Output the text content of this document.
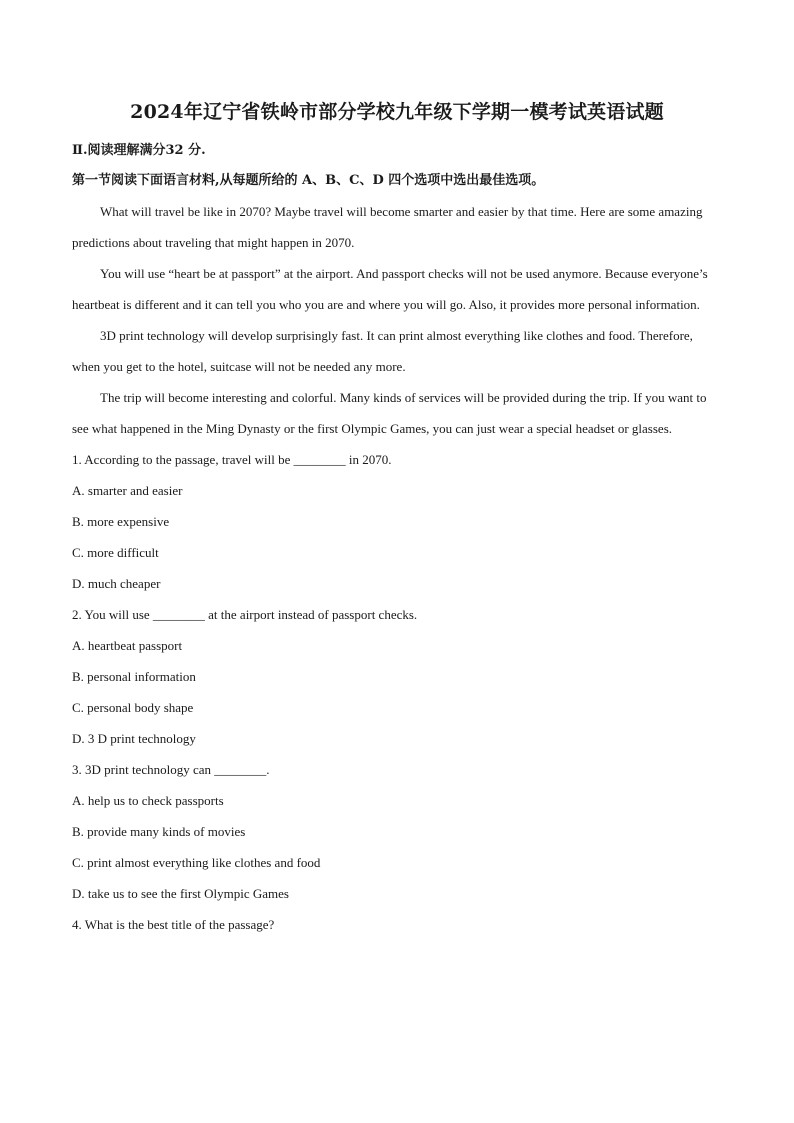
2024年辽宁省铁岭市部分学校九年级下学期一模考试英语试题

Ⅱ.阅读理解满分32 分.

第一节阅读下面语言材料,从每题所给的 A、B、C、D 四个选项中选出最佳选项。

What will travel be like in 2070? Maybe travel will become smarter and easier by that time. Here are some amazing predictions about traveling that might happen in 2070.

You will use “heart be at passport” at the airport. And passport checks will not be used anymore. Because everyone’s heartbeat is different and it can tell you who you are and where you will go. Also, it provides more personal information.

3D print technology will develop surprisingly fast. It can print almost everything like clothes and food. Therefore, when you get to the hotel, suitcase will not be needed any more.

The trip will become interesting and colorful. Many kinds of services will be provided during the trip. If you want to see what happened in the Ming Dynasty or the first Olympic Games, you can just wear a special headset or glasses.

1. According to the passage, travel will be ________ in 2070.

A. smarter and easier

B. more expensive

C. more difficult

D. much cheaper

2. You will use ________ at the airport instead of passport checks.

A. heartbeat passport

B. personal information

C. personal body shape

D. 3 D print technology

3. 3D print technology can ________.

A. help us to check passports

B. provide many kinds of movies

C. print almost everything like clothes and food

D. take us to see the first Olympic Games

4. What is the best title of the passage?
